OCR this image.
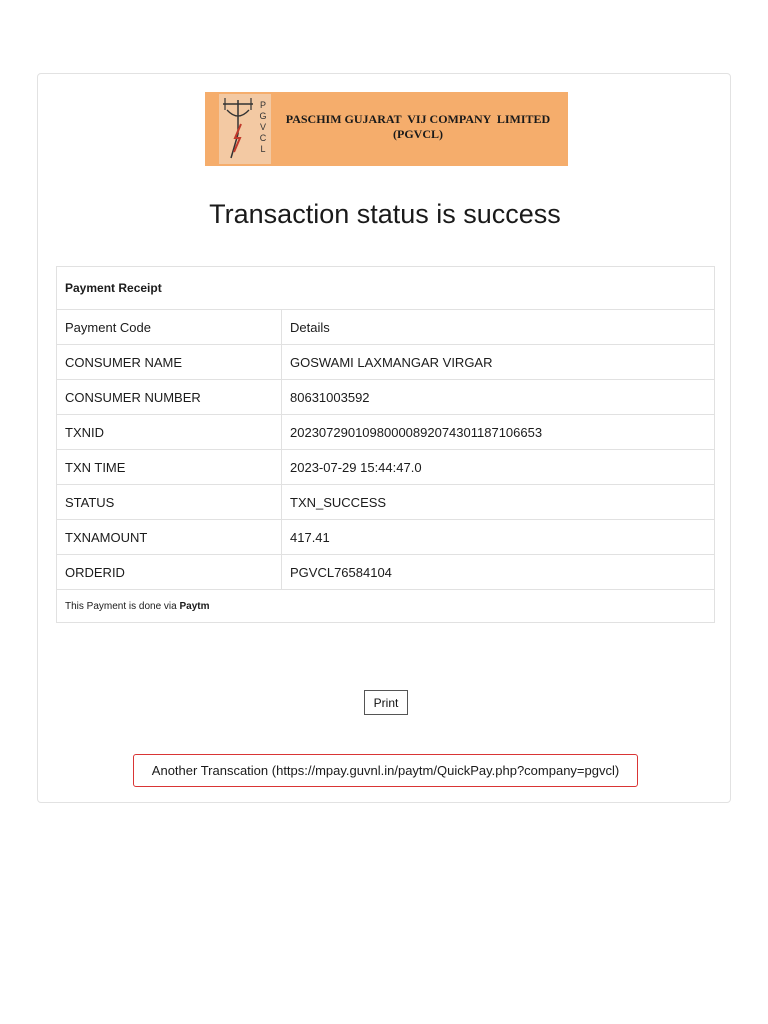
P
G
V
C
L
PASCHIM GUJARAT  VIJ COMPANY  LIMITED
(PGVCL)
Transaction status is success
Payment Receipt	
Payment Code	Details
CONSUMER NAME	GOSWAMI LAXMANGAR VIRGAR
CONSUMER NUMBER	80631003592
TXNID	20230729010980000892074301187106653
TXN TIME	2023-07-29 15:44:47.0
STATUS	TXN_SUCCESS
TXNAMOUNT	417.41
ORDERID	PGVCL76584104
This Payment is done via Paytm	
Print
Another Transcation (https://mpay.guvnl.in/paytm/QuickPay.php?company=pgvcl)
